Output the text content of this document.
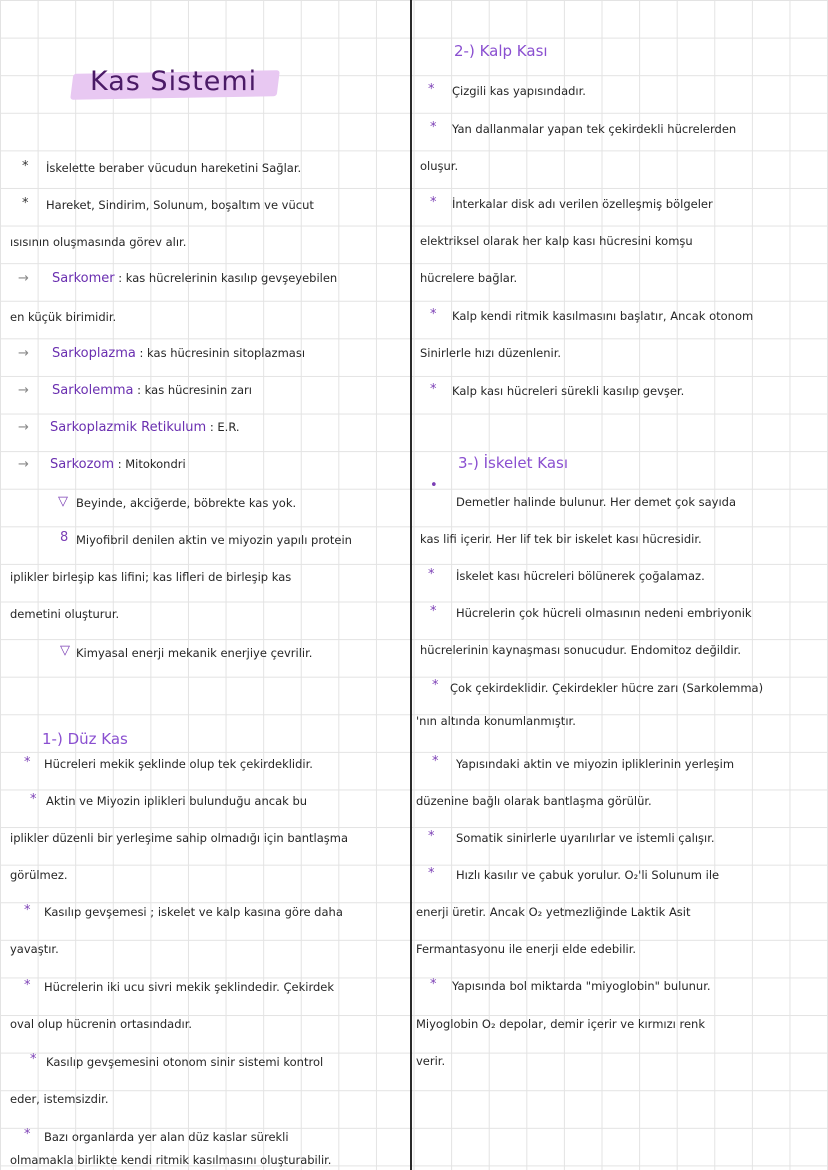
Kas Sistemi
* İskelette beraber vücudun hareketini Sağlar.
* Hareket, Sindirim, Solunum, boşaltım ve vücut
ısısının oluşmasında görev alır.
→ Sarkomer : kas hücrelerinin kasılıp gevşeyebilen
en küçük birimidir.
→ Sarkoplazma : kas hücresinin sitoplazması
→ Sarkolemma : kas hücresinin zarı
→ Sarkoplazmik Retikulum : E.R.
→ Sarkozom : Mitokondri
▽ Beyinde, akciğerde, böbrekte kas yok.
8 Miyofibril denilen aktin ve miyozin yapılı protein
iplikler birleşip kas lifini; kas lifleri de birleşip kas
demetini oluşturur.
▽ Kimyasal enerji mekanik enerjiye çevrilir.
1-) Düz Kas
* Hücreleri mekik şeklinde olup tek çekirdeklidir.
* Aktin ve Miyozin iplikleri bulunduğu ancak bu
iplikler düzenli bir yerleşime sahip olmadığı için bantlaşma
görülmez.
* Kasılıp gevşemesi ; iskelet ve kalp kasına göre daha
yavaştır.
* Hücrelerin iki ucu sivri mekik şeklindedir. Çekirdek
oval olup hücrenin ortasındadır.
* Kasılıp gevşemesini otonom sinir sistemi kontrol
eder, istemsizdir.
* Bazı organlarda yer alan düz kaslar sürekli
olmamakla birlikte kendi ritmik kasılmasını oluşturabilir.
2-) Kalp Kası
* Çizgili kas yapısındadır.
* Yan dallanmalar yapan tek çekirdekli hücrelerden
oluşur.
* İnterkalar disk adı verilen özelleşmiş bölgeler
elektriksel olarak her kalp kası hücresini komşu
hücrelere bağlar.
* Kalp kendi ritmik kasılmasını başlatır, Ancak otonom
Sinirlerle hızı düzenlenir.
* Kalp kası hücreleri sürekli kasılıp gevşer.
3-) İskelet Kası
•
Demetler halinde bulunur. Her demet çok sayıda
kas lifi içerir. Her lif tek bir iskelet kası hücresidir.
* İskelet kası hücreleri bölünerek çoğalamaz.
* Hücrelerin çok hücreli olmasının nedeni embriyonik
hücrelerinin kaynaşması sonucudur. Endomitoz değildir.
* Çok çekirdeklidir. Çekirdekler hücre zarı (Sarkolemma)
'nın altında konumlanmıştır.
* Yapısındaki aktin ve miyozin ipliklerinin yerleşim
düzenine bağlı olarak bantlaşma görülür.
* Somatik sinirlerle uyarılırlar ve istemli çalışır.
* Hızlı kasılır ve çabuk yorulur. O₂'li Solunum ile
enerji üretir. Ancak O₂ yetmezliğinde Laktik Asit
Fermantasyonu ile enerji elde edebilir.
* Yapısında bol miktarda "miyoglobin" bulunur.
Miyoglobin O₂ depolar, demir içerir ve kırmızı renk
verir.
